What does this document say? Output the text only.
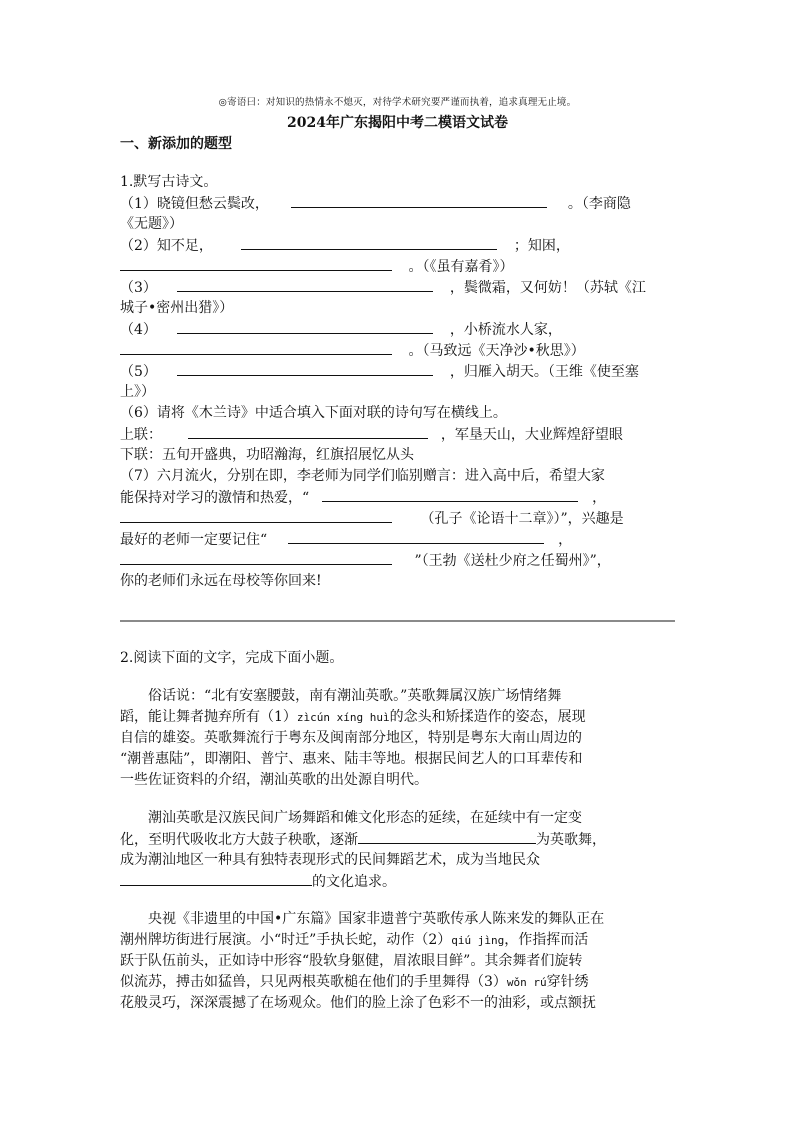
◎寄语曰：对知识的热情永不熄灭，对待学术研究要严谨而执着，追求真理无止境。
2024年广东揭阳中考二模语文试卷
一、新添加的题型
1.默写古诗文。
（1）晓镜但愁云鬓改，	。（李商隐
《无题》）
（2）知不足，	；知困，
。（《虽有嘉肴》）
（3）	，鬓微霜，又何妨！（苏轼《江
城子•密州出猎》）
（4）	，小桥流水人家，
。（马致远《天净沙•秋思》）
（5）	，归雁入胡天。（王维《使至塞
上》）
（6）请将《木兰诗》中适合填入下面对联的诗句写在横线上。
上联：	，军垦天山，大业辉煌舒望眼
下联：五旬开盛典，功昭瀚海，红旗招展忆从头
（7）六月流火，分别在即，李老师为同学们临别赠言：进入高中后，希望大家
能保持对学习的激情和热爱，“	，
（孔子《论语十二章》）”，兴趣是
最好的老师一定要记住“	，
”（王勃《送杜少府之任蜀州》”，
你的老师们永远在母校等你回来!
2.阅读下面的文字，完成下面小题。
俗话说：“北有安塞腰鼓，南有潮汕英歌。”英歌舞属汉族广场情绪舞
蹈，能让舞者抛弃所有（1）zìcún xíng huì的念头和矫揉造作的姿态，展现
自信的雄姿。英歌舞流行于粤东及闽南部分地区，特别是粤东大南山周边的
“潮普惠陆”，即潮阳、普宁、惠来、陆丰等地。根据民间艺人的口耳辈传和
一些佐证资料的介绍，潮汕英歌的出处源自明代。
潮汕英歌是汉族民间广场舞蹈和傩文化形态的延续，在延续中有一定变
化，至明代吸收北方大鼓子秧歌，逐渐	为英歌舞，
成为潮汕地区一种具有独特表现形式的民间舞蹈艺术，成为当地民众
的文化追求。
央视《非遗里的中国•广东篇》国家非遗普宁英歌传承人陈来发的舞队正在
潮州牌坊街进行展演。小“时迁”手执长蛇，动作（2）qiú jìng，作指挥而活
跃于队伍前头，正如诗中形容“股软身躯健，眉浓眼目鲜”。其余舞者们旋转
似流苏，搏击如猛兽，只见两根英歌槌在他们的手里舞得（3）wǒn rú穿针绣
花般灵巧，深深震撼了在场观众。他们的脸上涂了色彩不一的油彩，或点额抚
